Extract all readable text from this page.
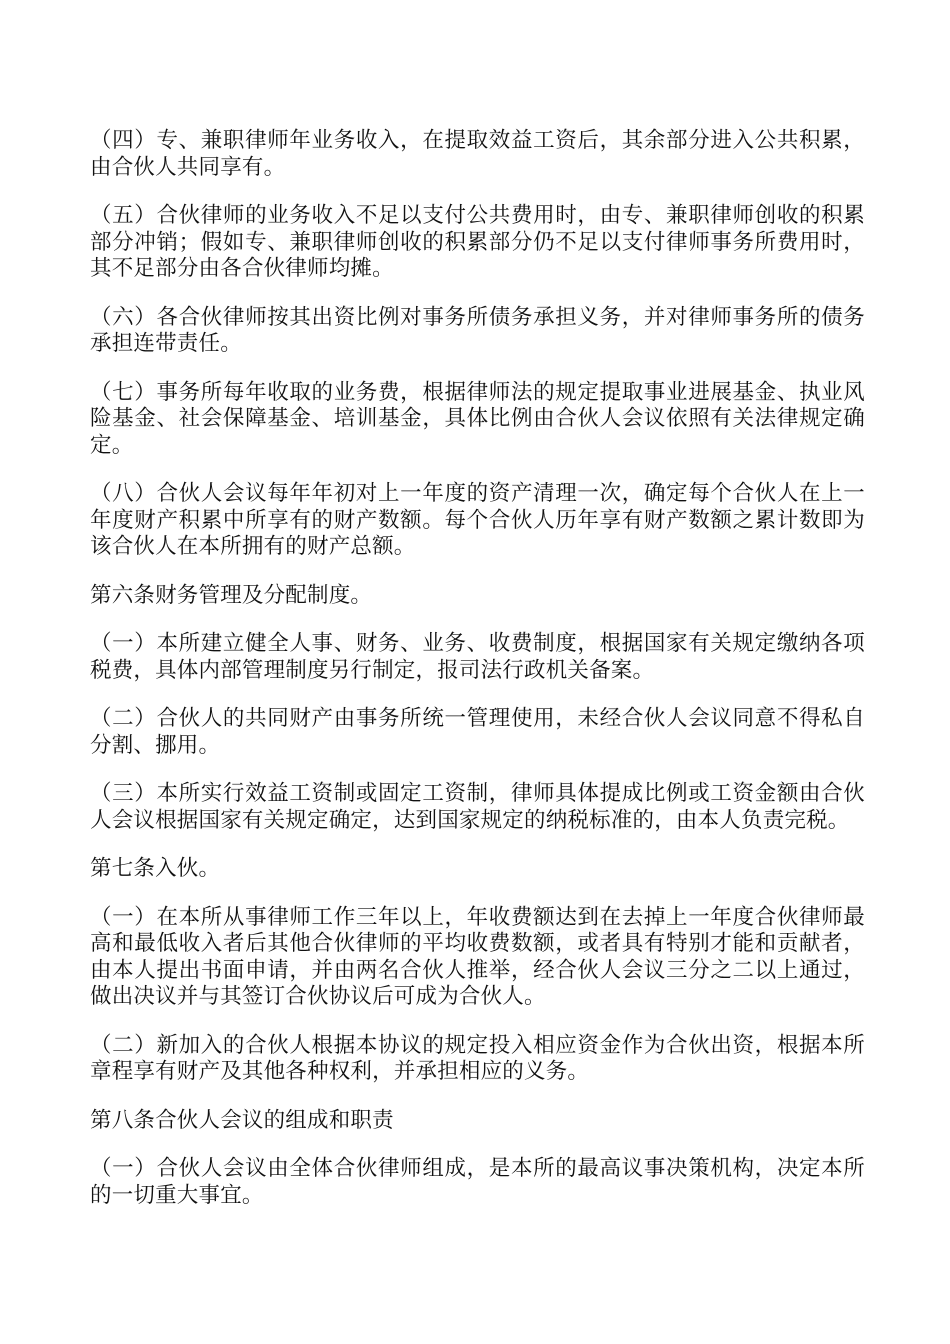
（四）专、兼职律师年业务收入，在提取效益工资后，其余部分进入公共积累，由合伙人共同享有。

（五）合伙律师的业务收入不足以支付公共费用时，由专、兼职律师创收的积累部分冲销；假如专、兼职律师创收的积累部分仍不足以支付律师事务所费用时，其不足部分由各合伙律师均摊。

（六）各合伙律师按其出资比例对事务所债务承担义务，并对律师事务所的债务承担连带责任。

（七）事务所每年收取的业务费，根据律师法的规定提取事业进展基金、执业风险基金、社会保障基金、培训基金，具体比例由合伙人会议依照有关法律规定确定。

（八）合伙人会议每年年初对上一年度的资产清理一次，确定每个合伙人在上一年度财产积累中所享有的财产数额。每个合伙人历年享有财产数额之累计数即为该合伙人在本所拥有的财产总额。

第六条财务管理及分配制度。

（一）本所建立健全人事、财务、业务、收费制度，根据国家有关规定缴纳各项税费，具体内部管理制度另行制定，报司法行政机关备案。

（二）合伙人的共同财产由事务所统一管理使用，未经合伙人会议同意不得私自分割、挪用。

（三）本所实行效益工资制或固定工资制，律师具体提成比例或工资金额由合伙人会议根据国家有关规定确定，达到国家规定的纳税标准的，由本人负责完税。

第七条入伙。

（一）在本所从事律师工作三年以上，年收费额达到在去掉上一年度合伙律师最高和最低收入者后其他合伙律师的平均收费数额，或者具有特别才能和贡献者，由本人提出书面申请，并由两名合伙人推举，经合伙人会议三分之二以上通过，做出决议并与其签订合伙协议后可成为合伙人。

（二）新加入的合伙人根据本协议的规定投入相应资金作为合伙出资，根据本所章程享有财产及其他各种权利，并承担相应的义务。

第八条合伙人会议的组成和职责

（一）合伙人会议由全体合伙律师组成，是本所的最高议事决策机构，决定本所的一切重大事宜。
